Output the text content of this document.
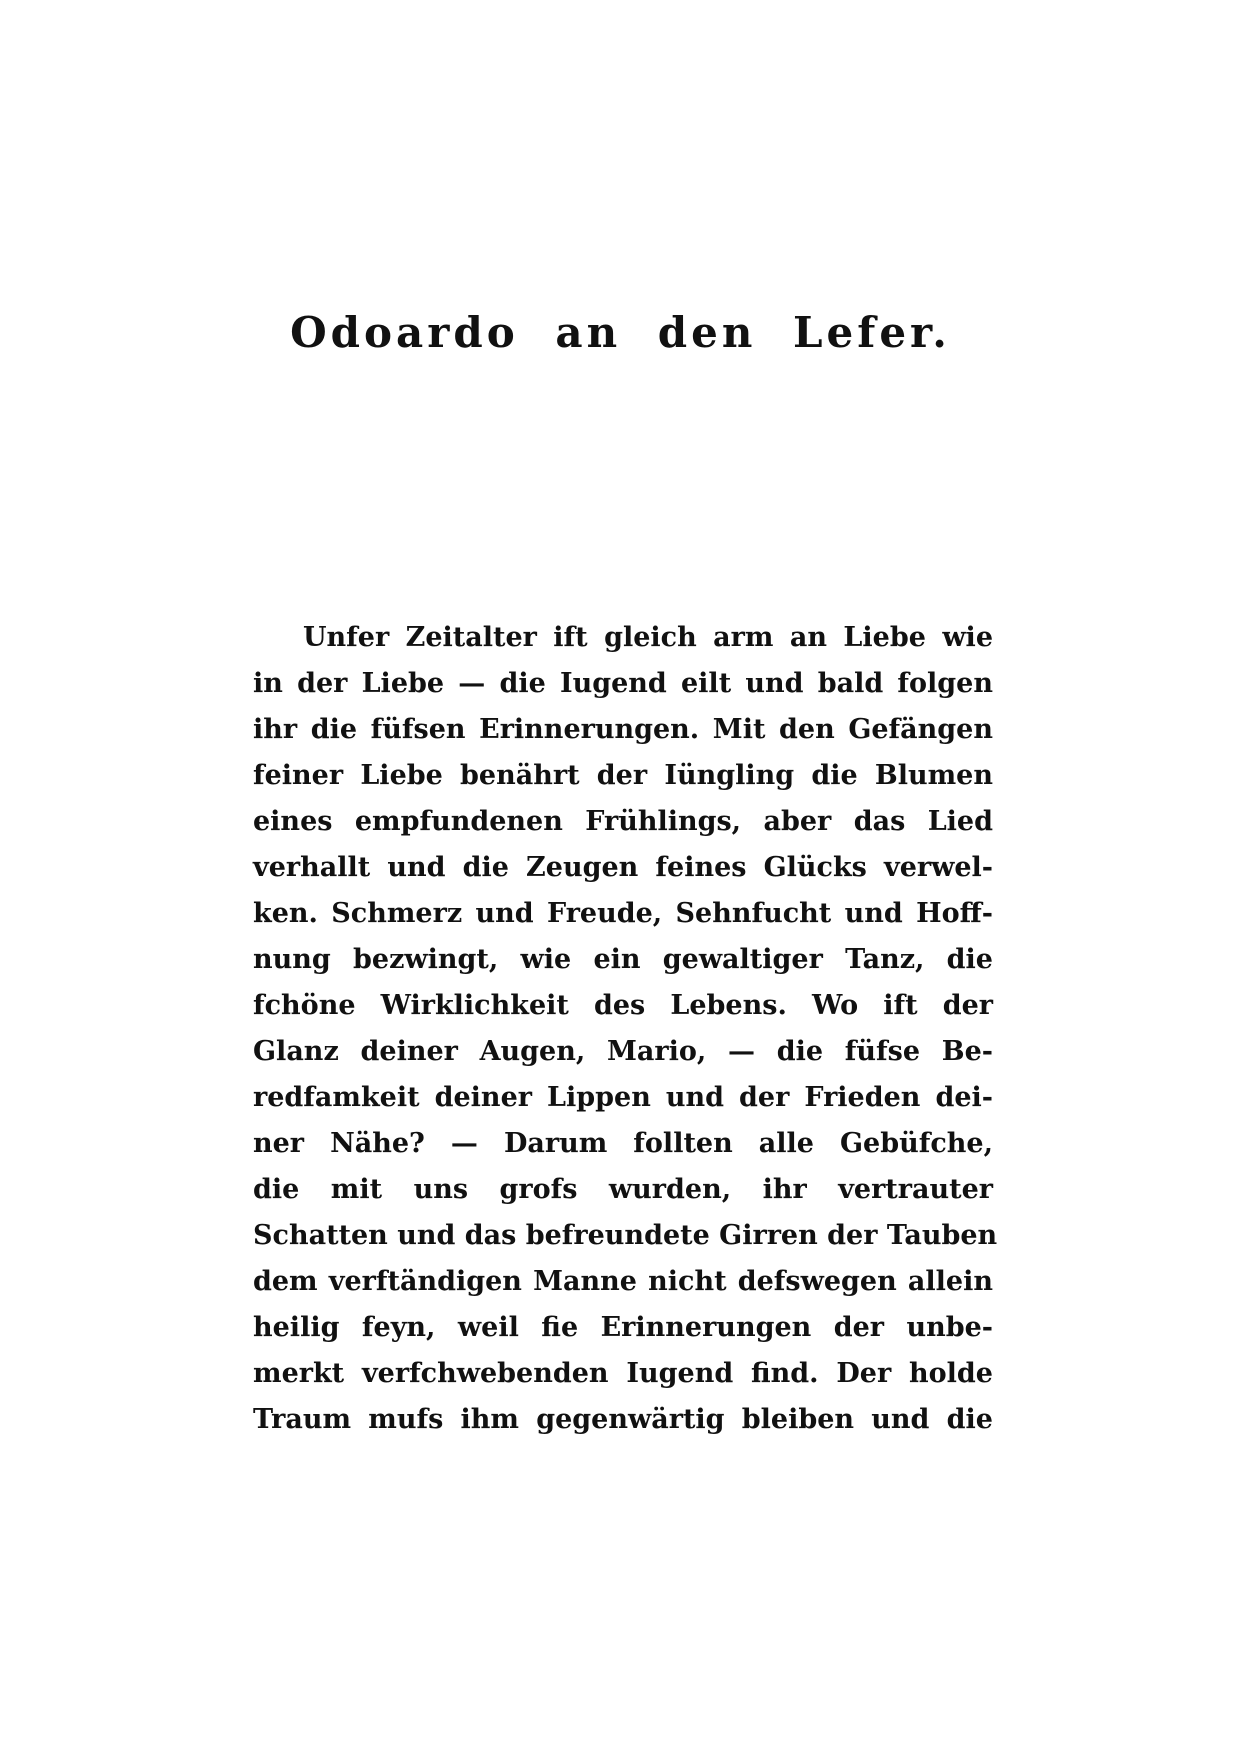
Odoardo an den Lefer.
Unfer Zeitalter ift gleich arm an Liebe wie
in der Liebe — die Iugend eilt und bald folgen
ihr die füfsen Erinnerungen. Mit den Gefängen
feiner Liebe benährt der Iüngling die Blumen
eines empfundenen Frühlings, aber das Lied
verhallt und die Zeugen feines Glücks verwel-
ken. Schmerz und Freude, Sehnfucht und Hoff-
nung bezwingt, wie ein gewaltiger Tanz, die
fchöne Wirklichkeit des Lebens. Wo ift der
Glanz deiner Augen, Mario, — die füfse Be-
redfamkeit deiner Lippen und der Frieden dei-
ner Nähe? — Darum follten alle Gebüfche,
die mit uns grofs wurden, ihr vertrauter
Schatten und das befreundete Girren der Tauben
dem verftändigen Manne nicht defswegen allein
heilig feyn, weil fie Erinnerungen der unbe-
merkt verfchwebenden Iugend find. Der holde
Traum mufs ihm gegenwärtig bleiben und die
